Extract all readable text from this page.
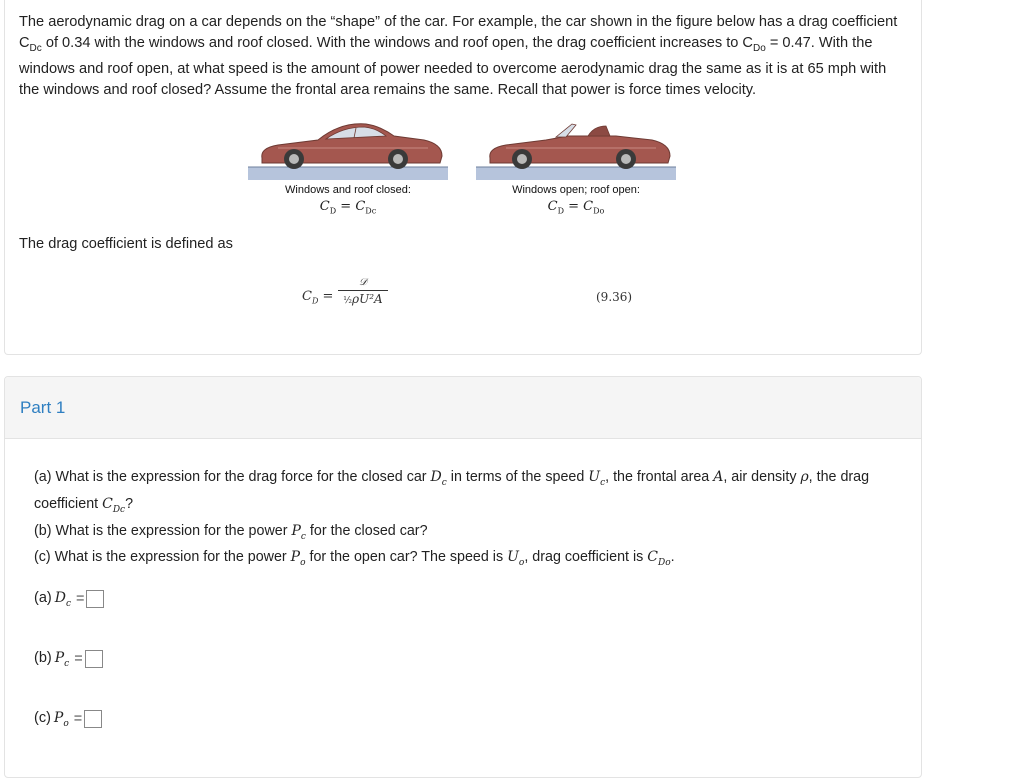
The aerodynamic drag on a car depends on the “shape” of the car. For example, the car shown in the figure below has a drag coefficient $C_{Dc}$ of 0.34 with the windows and roof closed. With the windows and roof open, the drag coefficient increases to $C_{Do} = 0.47$. With the windows and roof open, at what speed is the amount of power needed to overcome aerodynamic drag the same as it is at 65 mph with the windows and roof closed? Assume the frontal area remains the same. Recall that power is force times velocity.
Windows and roof closed:
$C_D = C_{Dc}$
Windows open; roof open:
$C_D = C_{Do}$
The drag coefficient is defined as
$C_D$ =
𝒟
½ρU²A	(9.36)
Part 1
(a) What is the expression for the drag force for the closed car $D_c$ in terms of the speed $U_c$, the frontal area A, air density ρ, the drag coefficient $C_{Dc}$?
(b) What is the expression for the power $P_c$ for the closed car?
(c) What is the expression for the power $P_o$ for the open car? The speed is $U_o$, drag coefficient is $C_{Do}$.
(a) $D_c$ =
(b) $P_c$ =
(c) $P_o$ =
